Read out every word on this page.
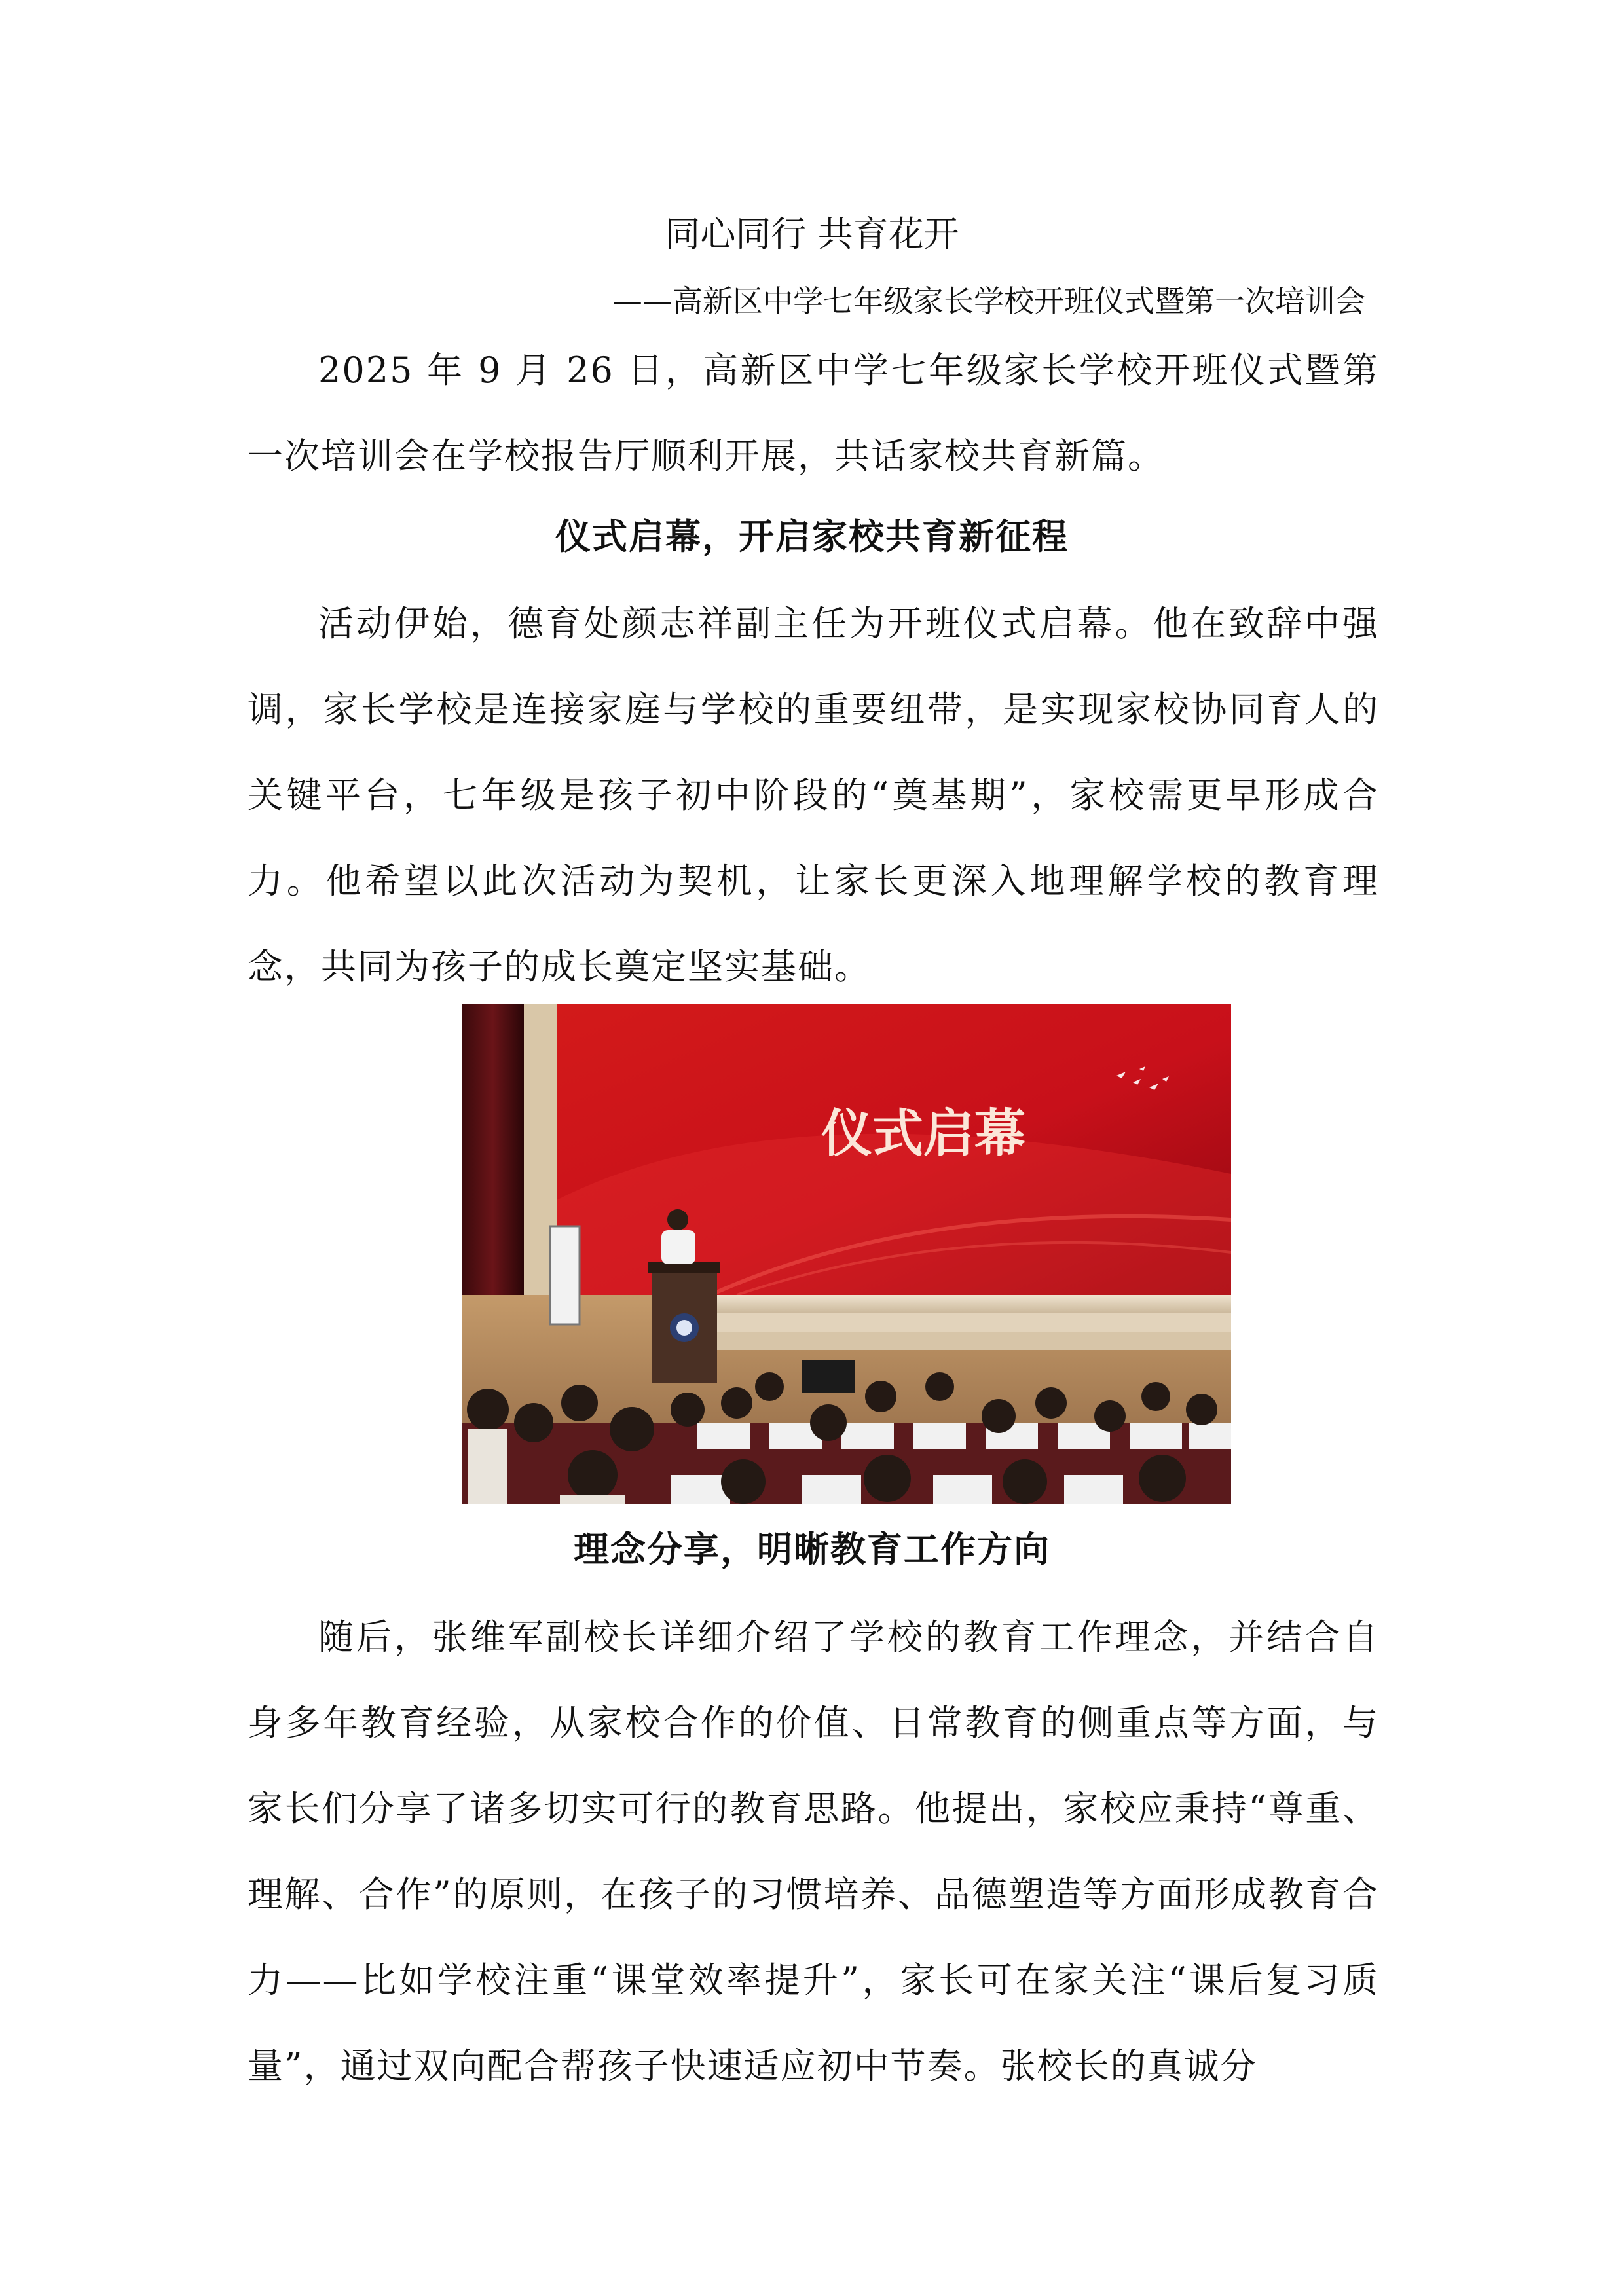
同心同行 共育花开
——高新区中学七年级家长学校开班仪式暨第一次培训会

2025 年 9 月 26 日，高新区中学七年级家长学校开班仪式暨第一次培训会在学校报告厅顺利开展，共话家校共育新篇。

仪式启幕，开启家校共育新征程

活动伊始，德育处颜志祥副主任为开班仪式启幕。他在致辞中强调，家长学校是连接家庭与学校的重要纽带，是实现家校协同育人的关键平台，七年级是孩子初中阶段的“奠基期”，家校需更早形成合力。他希望以此次活动为契机，让家长更深入地理解学校的教育理念，共同为孩子的成长奠定坚实基础。

仪式启幕
理念分享，明晰教育工作方向

随后，张维军副校长详细介绍了学校的教育工作理念，并结合自身多年教育经验，从家校合作的价值、日常教育的侧重点等方面，与家长们分享了诸多切实可行的教育思路。他提出，家校应秉持“尊重、理解、合作”的原则，在孩子的习惯培养、品德塑造等方面形成教育合力——比如学校注重“课堂效率提升”，家长可在家关注“课后复习质量”，通过双向配合帮孩子快速适应初中节奏。张校长的真诚分
